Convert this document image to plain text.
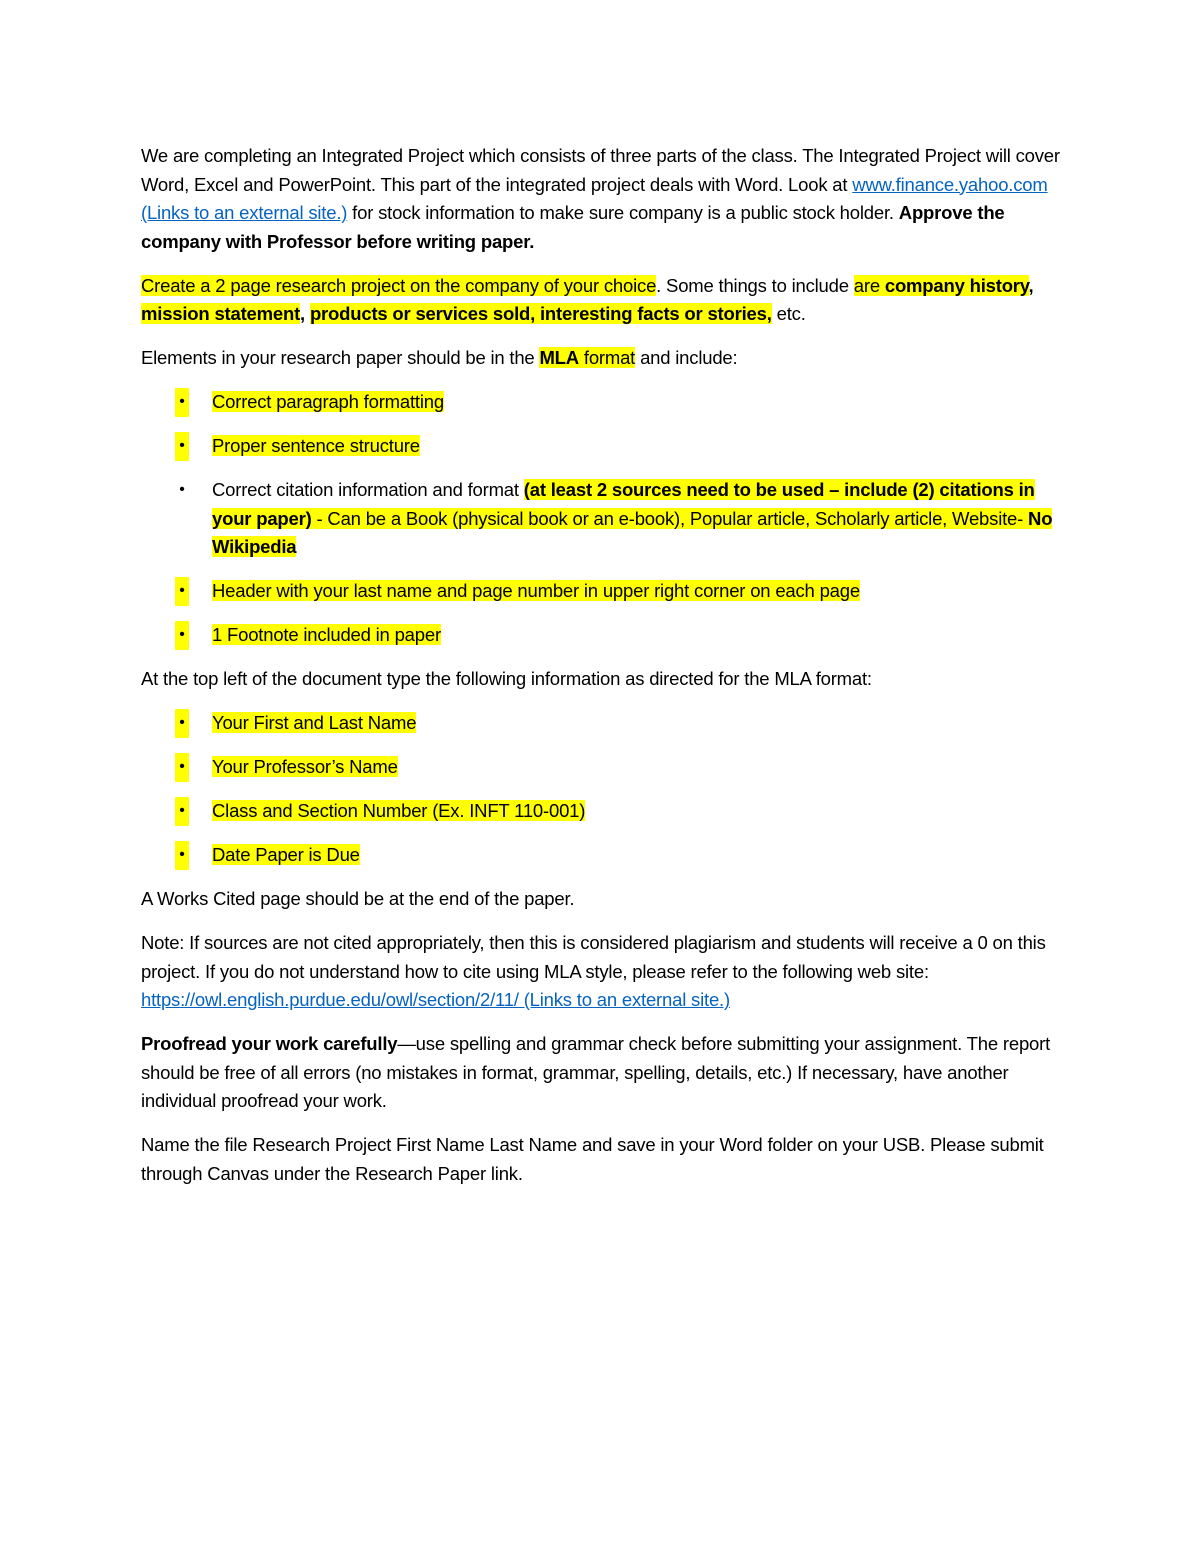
We are completing an Integrated Project which consists of three parts of the class. The Integrated Project will cover Word, Excel and PowerPoint. This part of the integrated project deals with Word. Look at www.finance.yahoo.com (Links to an external site.) for stock information to make sure company is a public stock holder. Approve the company with Professor before writing paper.

Create a 2 page research project on the company of your choice. Some things to include are company history, mission statement, products or services sold, interesting facts or stories, etc.

Elements in your research paper should be in the MLA format and include:

• Correct paragraph formatting
• Proper sentence structure
• Correct citation information and format (at least 2 sources need to be used – include (2) citations in your paper) - Can be a Book (physical book or an e-book), Popular article, Scholarly article, Website- No Wikipedia
• Header with your last name and page number in upper right corner on each page
• 1 Footnote included in paper

At the top left of the document type the following information as directed for the MLA format:

• Your First and Last Name
• Your Professor’s Name
• Class and Section Number (Ex. INFT 110-001)
• Date Paper is Due

A Works Cited page should be at the end of the paper.

Note: If sources are not cited appropriately, then this is considered plagiarism and students will receive a 0 on this project. If you do not understand how to cite using MLA style, please refer to the following web site: https://owl.english.purdue.edu/owl/section/2/11/ (Links to an external site.)

Proofread your work carefully—use spelling and grammar check before submitting your assignment. The report should be free of all errors (no mistakes in format, grammar, spelling, details, etc.) If necessary, have another individual proofread your work.

Name the file Research Project First Name Last Name and save in your Word folder on your USB. Please submit through Canvas under the Research Paper link.
